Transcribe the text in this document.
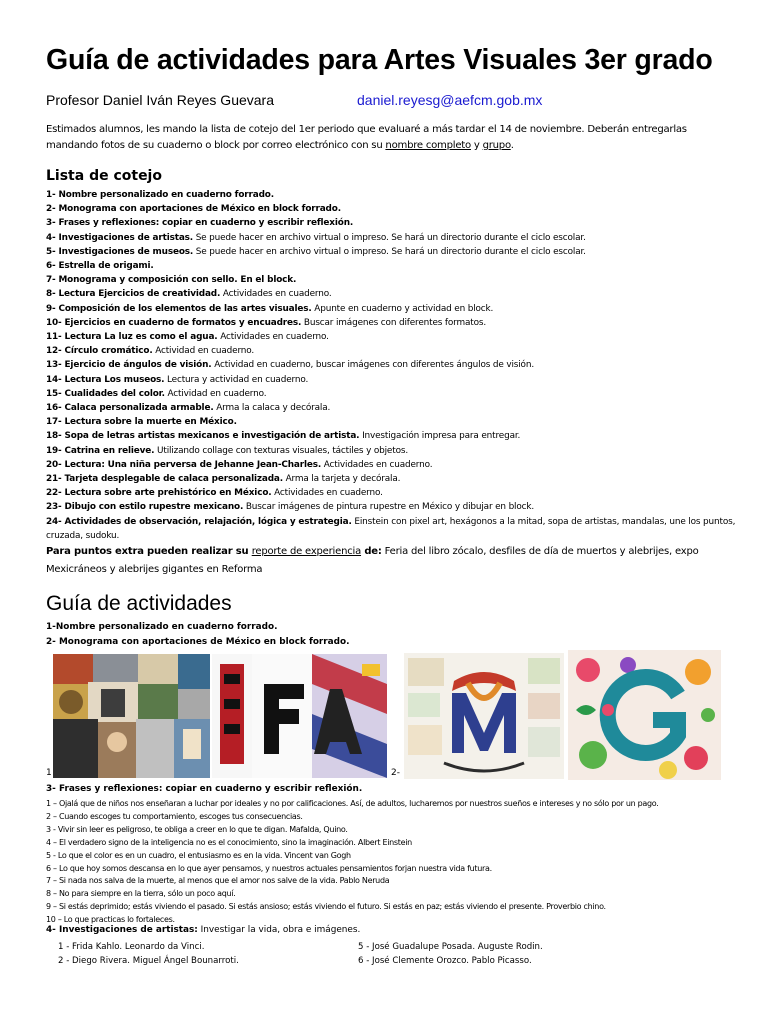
Guía de actividades para Artes Visuales 3er grado
Profesor Daniel Iván Reyes Guevara	daniel.reyesg@aefcm.gob.mx
Estimados alumnos, les mando la lista de cotejo del 1er periodo que evaluaré a más tardar el 14 de noviembre. Deberán entregarlas mandando fotos de su cuaderno o block por correo electrónico con su nombre completo y grupo.
Lista de cotejo
1- Nombre personalizado en cuaderno forrado.
2- Monograma con aportaciones de México en block forrado.
3- Frases y reflexiones: copiar en cuaderno y escribir reflexión.
4- Investigaciones de artistas. Se puede hacer en archivo virtual o impreso. Se hará un directorio durante el ciclo escolar.
5- Investigaciones de museos. Se puede hacer en archivo virtual o impreso. Se hará un directorio durante el ciclo escolar.
6- Estrella de origami.
7- Monograma y composición con sello. En el block.
8- Lectura Ejercicios de creatividad. Actividades en cuaderno.
9- Composición de los elementos de las artes visuales. Apunte en cuaderno y actividad en block.
10- Ejercicios en cuaderno de formatos y encuadres. Buscar imágenes con diferentes formatos.
11- Lectura La luz es como el agua. Actividades en cuaderno.
12- Círculo cromático. Actividad en cuaderno.
13- Ejercicio de ángulos de visión. Actividad en cuaderno, buscar imágenes con diferentes ángulos de visión.
14- Lectura Los museos. Lectura y actividad en cuaderno.
15- Cualidades del color. Actividad en cuaderno.
16- Calaca personalizada armable. Arma la calaca y decórala.
17- Lectura sobre la muerte en México.
18- Sopa de letras artistas mexicanos e investigación de artista. Investigación impresa para entregar.
19- Catrina en relieve. Utilizando collage con texturas visuales, táctiles y objetos.
20- Lectura: Una niña perversa de Jehanne Jean-Charles. Actividades en cuaderno.
21- Tarjeta desplegable de calaca personalizada. Arma la tarjeta y decórala.
22- Lectura sobre arte prehistórico en México. Actividades en cuaderno.
23- Dibujo con estilo rupestre mexicano. Buscar imágenes de pintura rupestre en México y dibujar en block.
24- Actividades de observación, relajación, lógica y estrategia. Einstein con pixel art, hexágonos a la mitad, sopa de artistas, mandalas, une los puntos, cruzada, sudoku.
Para puntos extra pueden realizar su reporte de experiencia de: Feria del libro zócalo, desfiles de día de muertos y alebrijes, expo Mexicráneos y alebrijes gigantes en Reforma
Guía de actividades
1-Nombre personalizado en cuaderno forrado.
2- Monograma con aportaciones de México en block forrado.
1	2-
3- Frases y reflexiones: copiar en cuaderno y escribir reflexión.
1 – Ojalá que de niños nos enseñaran a luchar por ideales y no por calificaciones. Así, de adultos, lucharemos por nuestros sueños e intereses y no sólo por un pago.
2 – Cuando escoges tu comportamiento, escoges tus consecuencias.
3 - Vivir sin leer es peligroso, te obliga a creer en lo que te digan. Mafalda, Quino.
4 – El verdadero signo de la inteligencia no es el conocimiento, sino la imaginación. Albert Einstein
5 - Lo que el color es en un cuadro, el entusiasmo es en la vida. Vincent van Gogh
6 – Lo que hoy somos descansa en lo que ayer pensamos, y nuestros actuales pensamientos forjan nuestra vida futura.
7 – Si nada nos salva de la muerte, al menos que el amor nos salve de la vida. Pablo Neruda
8 – No para siempre en la tierra, sólo un poco aquí.
9 – Si estás deprimido; estás viviendo el pasado. Si estás ansioso; estás viviendo el futuro. Si estás en paz; estás viviendo el presente. Proverbio chino.
10 – Lo que practicas lo fortaleces.
4- Investigaciones de artistas: Investigar la vida, obra e imágenes.
1 - Frida Kahlo. Leonardo da Vinci.
2 - Diego Rivera. Miguel Ángel Bounarroti.
5 - José Guadalupe Posada. Auguste Rodin.
6 - José Clemente Orozco. Pablo Picasso.
